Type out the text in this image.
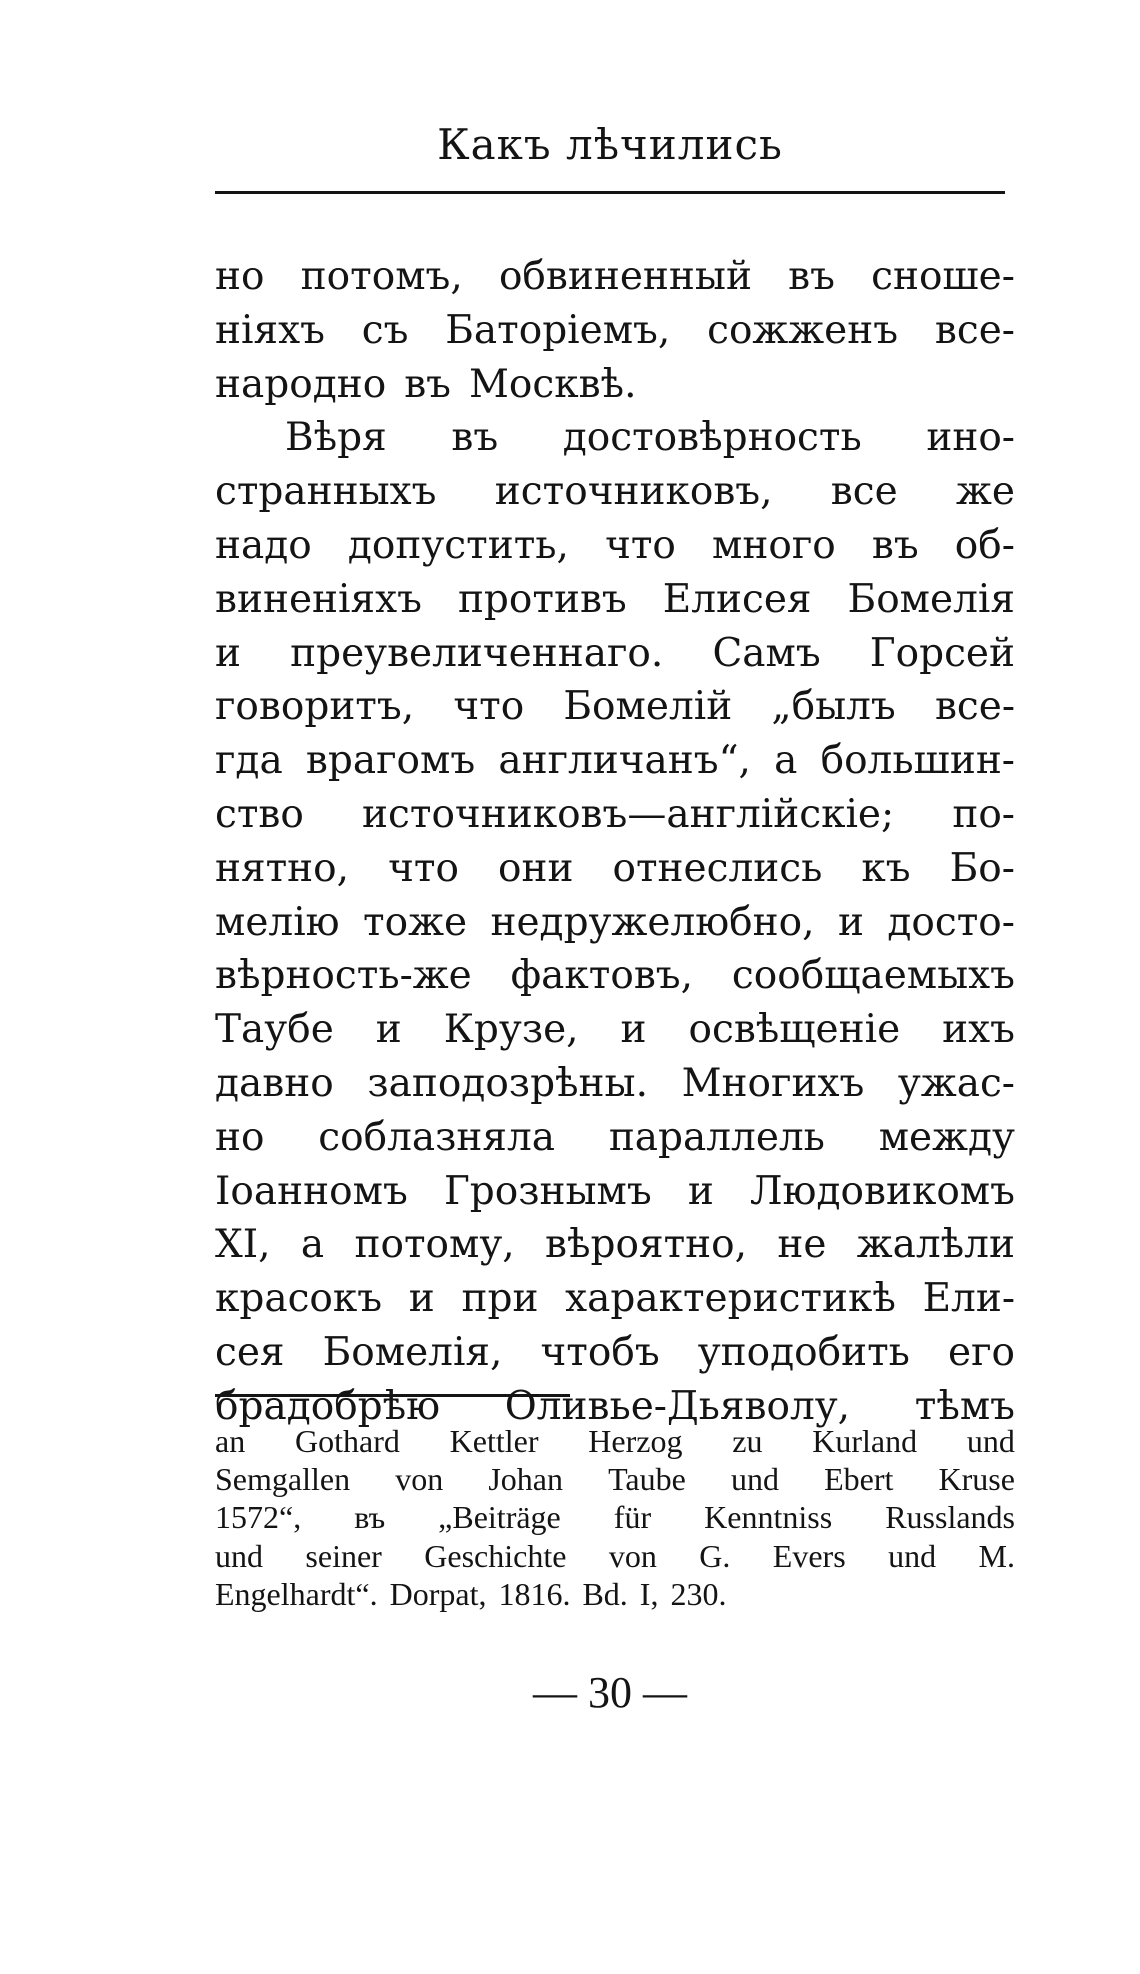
Какъ лѣчились
но потомъ, обвиненный въ сноше-
ніяхъ съ Баторіемъ, сожженъ все-
народно въ Москвѣ.
Вѣря въ достовѣрность ино-
странныхъ источниковъ, все же
надо допустить, что много въ об-
виненіяхъ противъ Елисея Бомелія
и преувеличеннаго. Самъ Горсей
говоритъ, что Бомелій „былъ все-
гда врагомъ англичанъ“, а большин-
ство источниковъ—англійскіе; по-
нятно, что они отнеслись къ Бо-
мелію тоже недружелюбно, и досто-
вѣрность-же фактовъ, сообщаемыхъ
Таубе и Крузе, и освѣщеніе ихъ
давно заподозрѣны. Многихъ ужас-
но соблазняла параллель между
Іоанномъ Грознымъ и Людовикомъ
XI, а потому, вѣроятно, не жалѣли
красокъ и при характеристикѣ Ели-
сея Бомелія, чтобъ уподобить его
брадобрѣю Оливье-Дьяволу, тѣмъ
an Gothard Kettler Herzog zu Kurland und
Semgallen von Johan Taube und Ebert Kruse
1572“, въ „Beiträge für Kenntniss Russlands
und seiner Geschichte von G. Evers und M.
Engelhardt“. Dorpat, 1816. Bd. I, 230.
— 30 —
